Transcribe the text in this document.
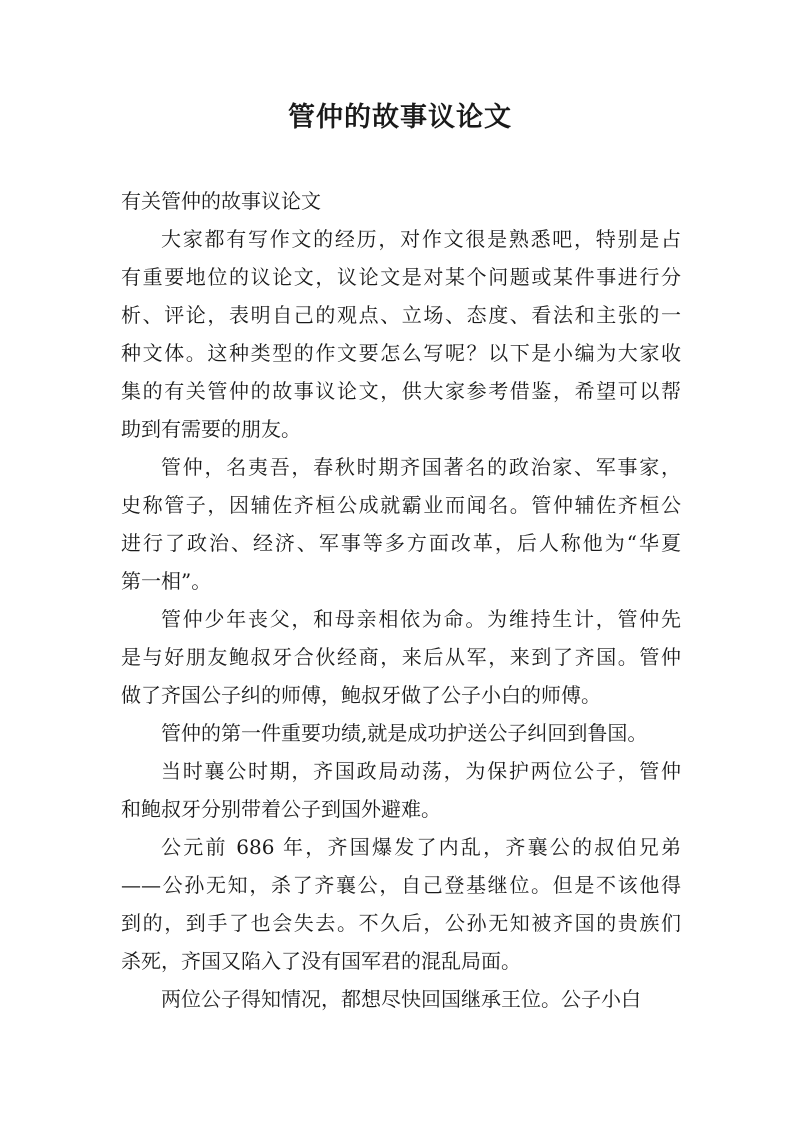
管仲的故事议论文

有关管仲的故事议论文

大家都有写作文的经历，对作文很是熟悉吧，特别是占
有重要地位的议论文，议论文是对某个问题或某件事进行分
析、评论，表明自己的观点、立场、态度、看法和主张的一
种文体。这种类型的作文要怎么写呢？以下是小编为大家收
集的有关管仲的故事议论文，供大家参考借鉴，希望可以帮
助到有需要的朋友。

管仲，名夷吾，春秋时期齐国著名的政治家、军事家，
史称管子，因辅佐齐桓公成就霸业而闻名。管仲辅佐齐桓公
进行了政治、经济、军事等多方面改革，后人称他为“华夏
第一相”。

管仲少年丧父，和母亲相依为命。为维持生计，管仲先
是与好朋友鲍叔牙合伙经商，来后从军，来到了齐国。管仲
做了齐国公子纠的师傅，鲍叔牙做了公子小白的师傅。

管仲的第一件重要功绩,就是成功护送公子纠回到鲁国。

当时襄公时期，齐国政局动荡，为保护两位公子，管仲
和鲍叔牙分别带着公子到国外避难。

公元前 686 年，齐国爆发了内乱，齐襄公的叔伯兄弟
——公孙无知，杀了齐襄公，自己登基继位。但是不该他得
到的，到手了也会失去。不久后，公孙无知被齐国的贵族们
杀死，齐国又陷入了没有国军君的混乱局面。

两位公子得知情况，都想尽快回国继承王位。公子小白
